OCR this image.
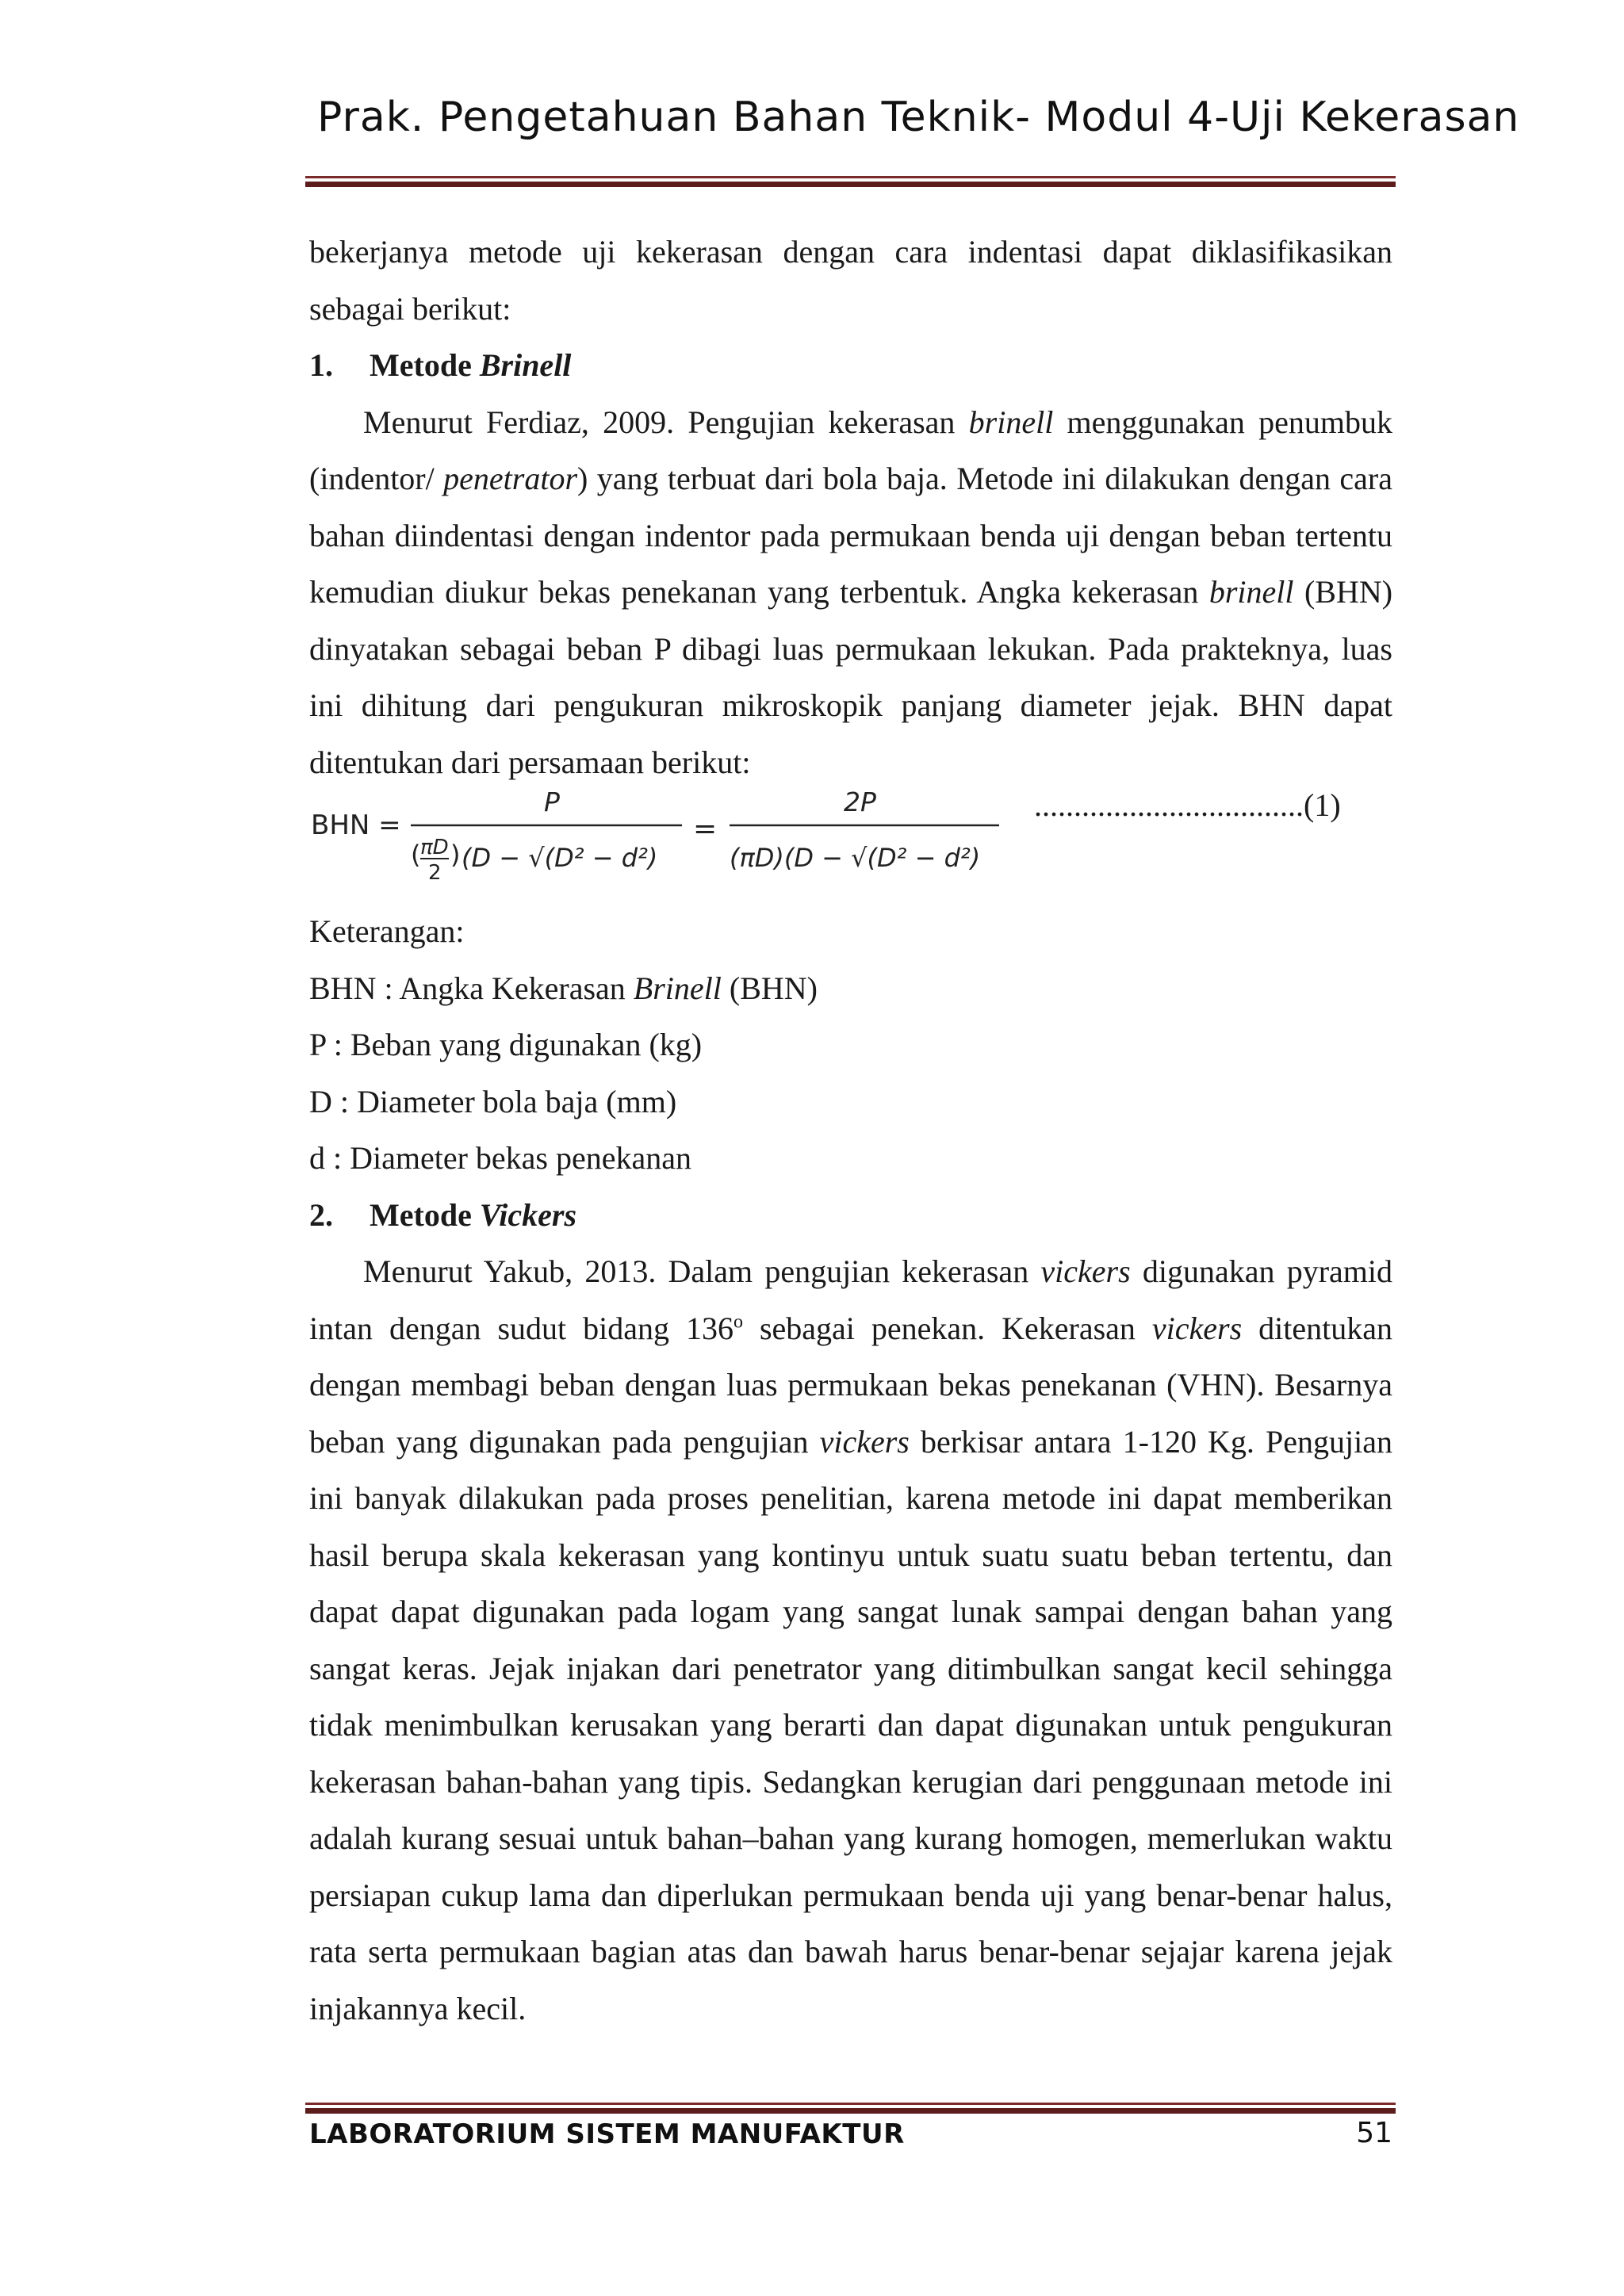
Prak. Pengetahuan Bahan Teknik- Modul 4-Uji Kekerasan

bekerjanya metode uji kekerasan dengan cara indentasi dapat diklasifikasikan

sebagai berikut:

1. Metode Brinell

Menurut Ferdiaz, 2009. Pengujian kekerasan brinell menggunakan penumbuk (indentor/ penetrator) yang terbuat dari bola baja. Metode ini dilakukan dengan cara bahan diindentasi dengan indentor pada permukaan benda uji dengan beban tertentu kemudian diukur bekas penekanan yang terbentuk. Angka kekerasan brinell (BHN) dinyatakan sebagai beban P dibagi luas permukaan lekukan. Pada prakteknya, luas ini dihitung dari pengukuran mikroskopik panjang diameter jejak. BHN dapat ditentukan dari persamaan berikut:

BHN =
P
( πD
2
) (D − √(D² − d²)
=
2P
(πD)(D − √(D² − d²)
..................................(1)

Keterangan:

BHN : Angka Kekerasan Brinell (BHN)

P : Beban yang digunakan (kg)

D : Diameter bola baja (mm)

d : Diameter bekas penekanan

2. Metode Vickers

Menurut Yakub, 2013. Dalam pengujian kekerasan vickers digunakan pyramid intan dengan sudut bidang 136$^o$ sebagai penekan. Kekerasan vickers ditentukan dengan membagi beban dengan luas permukaan bekas penekanan (VHN). Besarnya beban yang digunakan pada pengujian vickers berkisar antara 1-120 Kg. Pengujian ini banyak dilakukan pada proses penelitian, karena metode ini dapat memberikan hasil berupa skala kekerasan yang kontinyu untuk suatu suatu beban tertentu, dan dapat dapat digunakan pada logam yang sangat lunak sampai dengan bahan yang sangat keras. Jejak injakan dari penetrator yang ditimbulkan sangat kecil sehingga tidak menimbulkan kerusakan yang berarti dan dapat digunakan untuk pengukuran kekerasan bahan-bahan yang tipis. Sedangkan kerugian dari penggunaan metode ini adalah kurang sesuai untuk bahan–bahan yang kurang homogen, memerlukan waktu persiapan cukup lama dan diperlukan permukaan benda uji yang benar-benar halus, rata serta permukaan bagian atas dan bawah harus benar-benar sejajar karena jejak injakannya kecil.

LABORATORIUM SISTEM MANUFAKTUR	51
